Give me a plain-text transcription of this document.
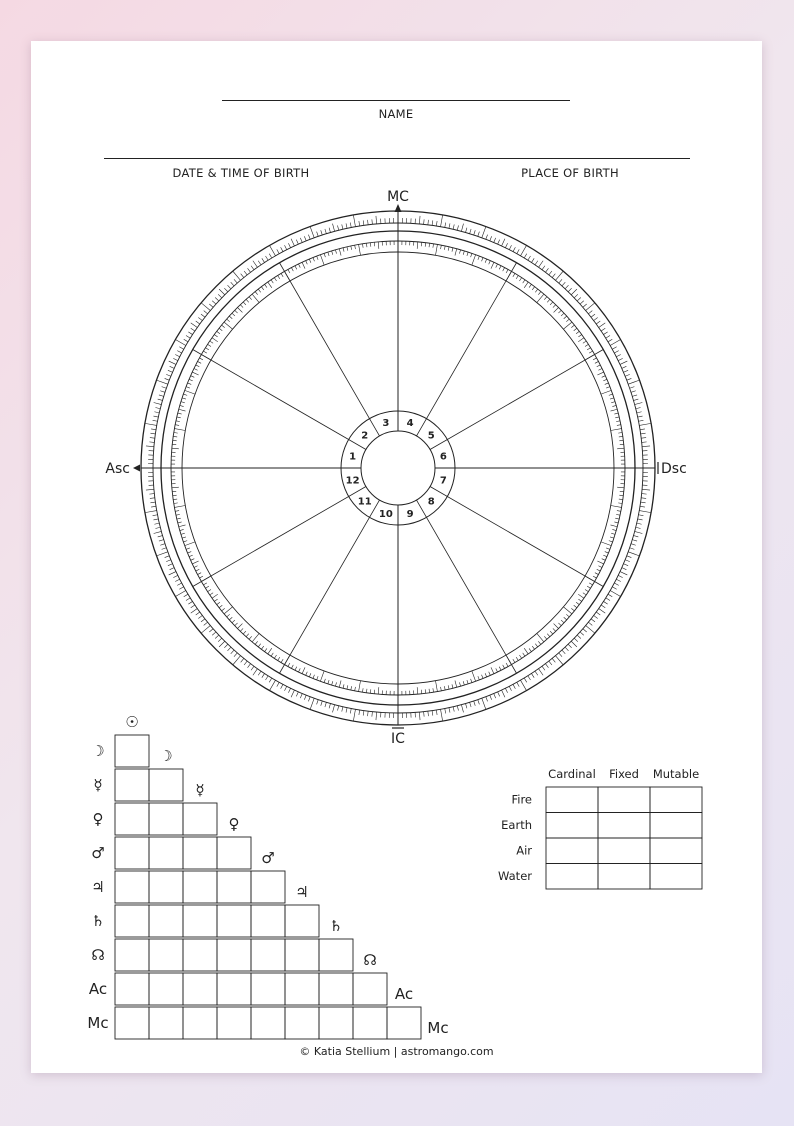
NAME
DATE & TIME OF BIRTH	PLACE OF BIRTH
1
2
3 4
5
6
7
8
9
10
11
12
MC
IC
Asc	Dsc
☽
☿
♀
♂
♃
♄
☊
Ac
Mc
☉
☽
☿
♀
♂
♃
♄
☊
Ac
Mc
Cardinal Fixed Mutable
Fire
Earth
Air
Water
© Katia Stellium | astromango.com
